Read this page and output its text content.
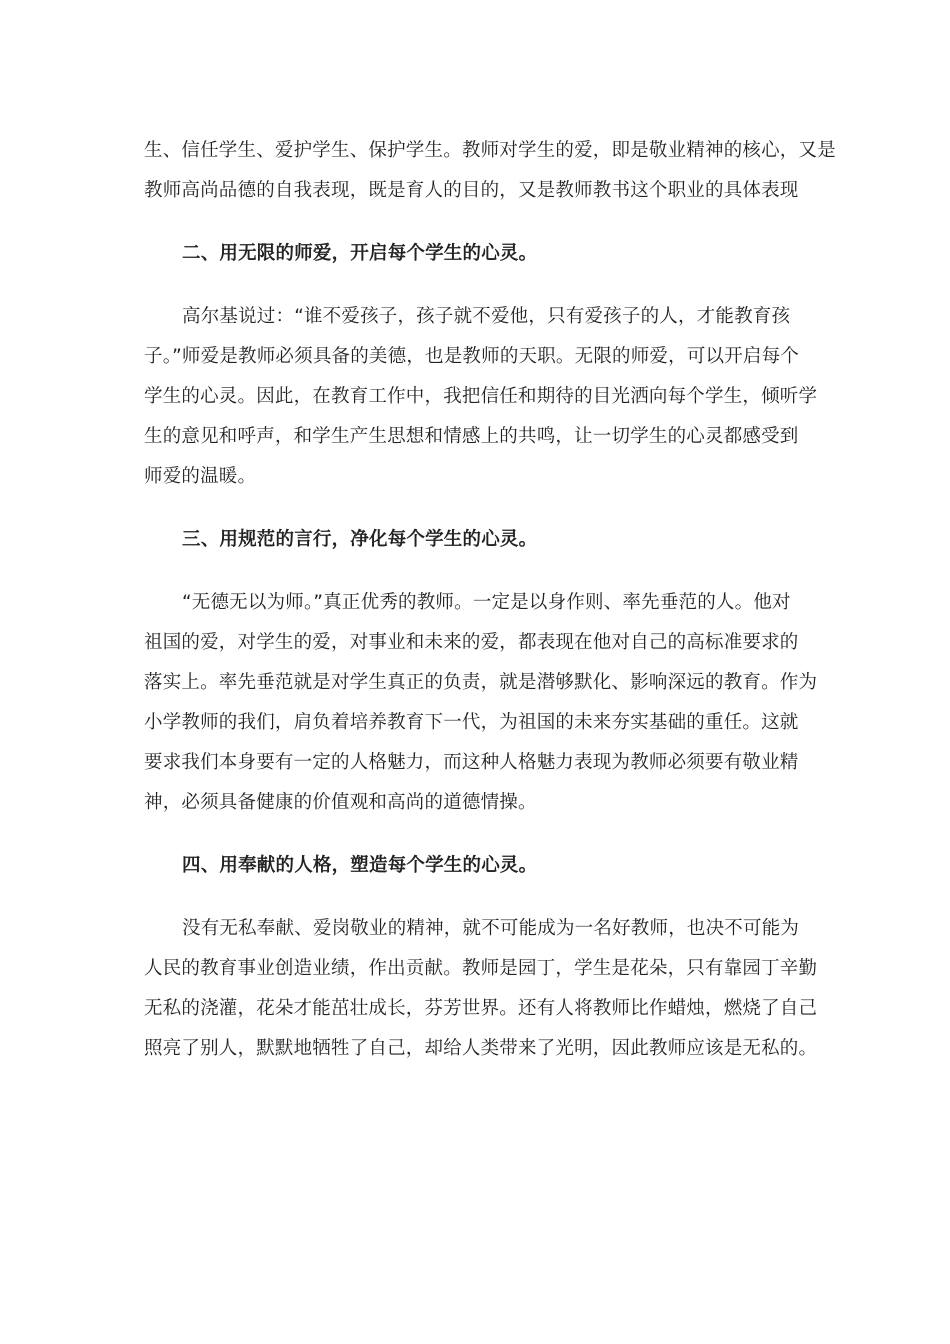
生、信任学生、爱护学生、保护学生。教师对学生的爱，即是敬业精神的核心，又是
教师高尚品德的自我表现，既是育人的目的，又是教师教书这个职业的具体表现
二、用无限的师爱，开启每个学生的心灵。
高尔基说过：“谁不爱孩子，孩子就不爱他，只有爱孩子的人，才能教育孩
子。”师爱是教师必须具备的美德，也是教师的天职。无限的师爱，可以开启每个
学生的心灵。因此，在教育工作中，我把信任和期待的目光洒向每个学生，倾听学
生的意见和呼声，和学生产生思想和情感上的共鸣，让一切学生的心灵都感受到
师爱的温暖。
三、用规范的言行，净化每个学生的心灵。
“无德无以为师。”真正优秀的教师。一定是以身作则、率先垂范的人。他对
祖国的爱，对学生的爱，对事业和未来的爱，都表现在他对自己的高标准要求的
落实上。率先垂范就是对学生真正的负责，就是潜够默化、影响深远的教育。作为
小学教师的我们，肩负着培养教育下一代，为祖国的未来夯实基础的重任。这就
要求我们本身要有一定的人格魅力，而这种人格魅力表现为教师必须要有敬业精
神，必须具备健康的价值观和高尚的道德情操。
四、用奉献的人格，塑造每个学生的心灵。
没有无私奉献、爱岗敬业的精神，就不可能成为一名好教师，也决不可能为
人民的教育事业创造业绩，作出贡献。教师是园丁，学生是花朵，只有靠园丁辛勤
无私的浇灌，花朵才能茁壮成长，芬芳世界。还有人将教师比作蜡烛，燃烧了自己
照亮了别人，默默地牺牲了自己，却给人类带来了光明，因此教师应该是无私的。
